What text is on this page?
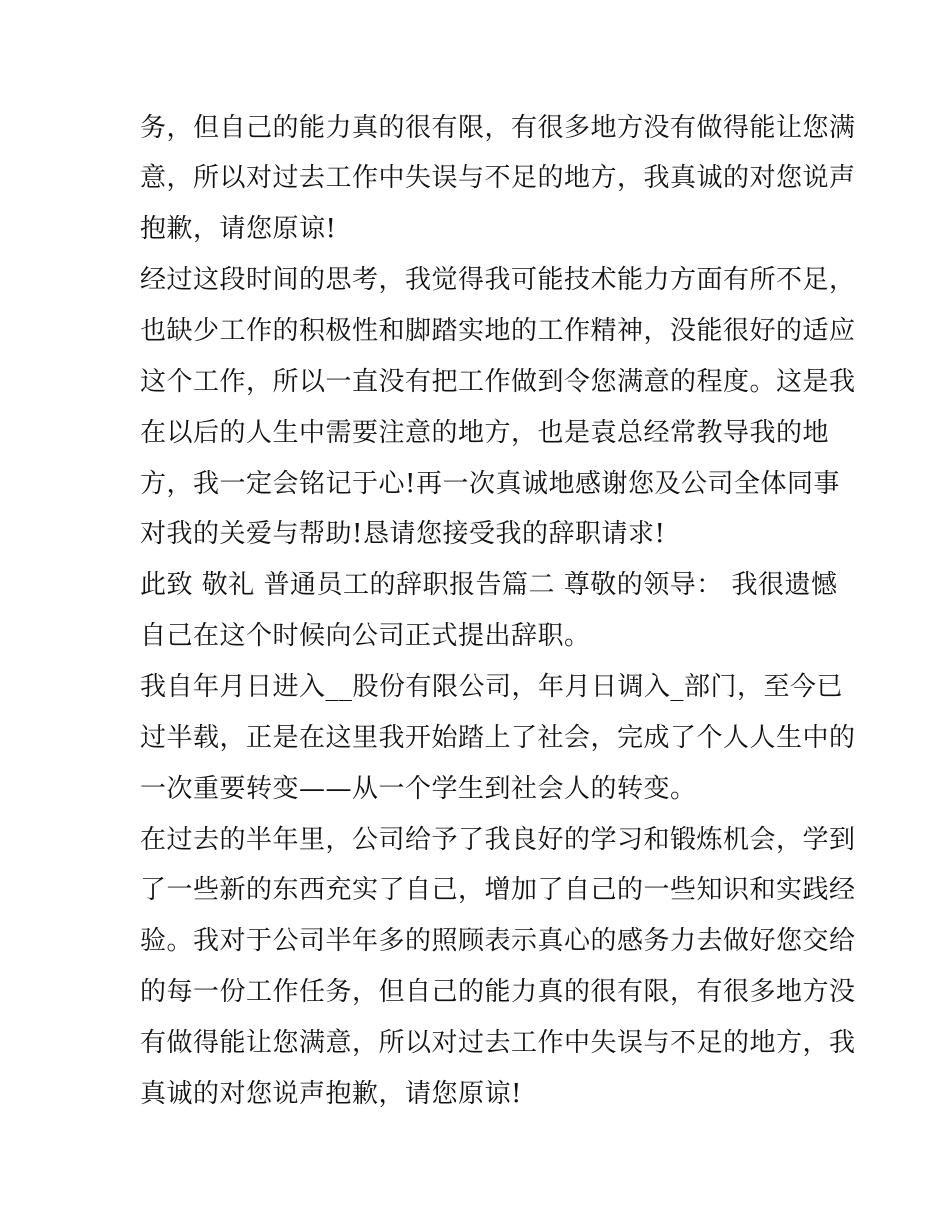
务，但自己的能力真的很有限，有很多地方没有做得能让您满
意，所以对过去工作中失误与不足的地方，我真诚的对您说声
抱歉，请您原谅!
经过这段时间的思考，我觉得我可能技术能力方面有所不足，
也缺少工作的积极性和脚踏实地的工作精神，没能很好的适应
这个工作，所以一直没有把工作做到令您满意的程度。这是我
在以后的人生中需要注意的地方，也是袁总经常教导我的地
方，我一定会铭记于心!再一次真诚地感谢您及公司全体同事
对我的关爱与帮助!恳请您接受我的辞职请求!
此致 敬礼 普通员工的辞职报告篇二 尊敬的领导： 我很遗憾
自己在这个时候向公司正式提出辞职。
我自年月日进入__股份有限公司，年月日调入_部门，至今已
过半载，正是在这里我开始踏上了社会，完成了个人人生中的
一次重要转变——从一个学生到社会人的转变。
在过去的半年里，公司给予了我良好的学习和锻炼机会，学到
了一些新的东西充实了自己，增加了自己的一些知识和实践经
验。我对于公司半年多的照顾表示真心的感务力去做好您交给
的每一份工作任务，但自己的能力真的很有限，有很多地方没
有做得能让您满意，所以对过去工作中失误与不足的地方，我
真诚的对您说声抱歉，请您原谅!
